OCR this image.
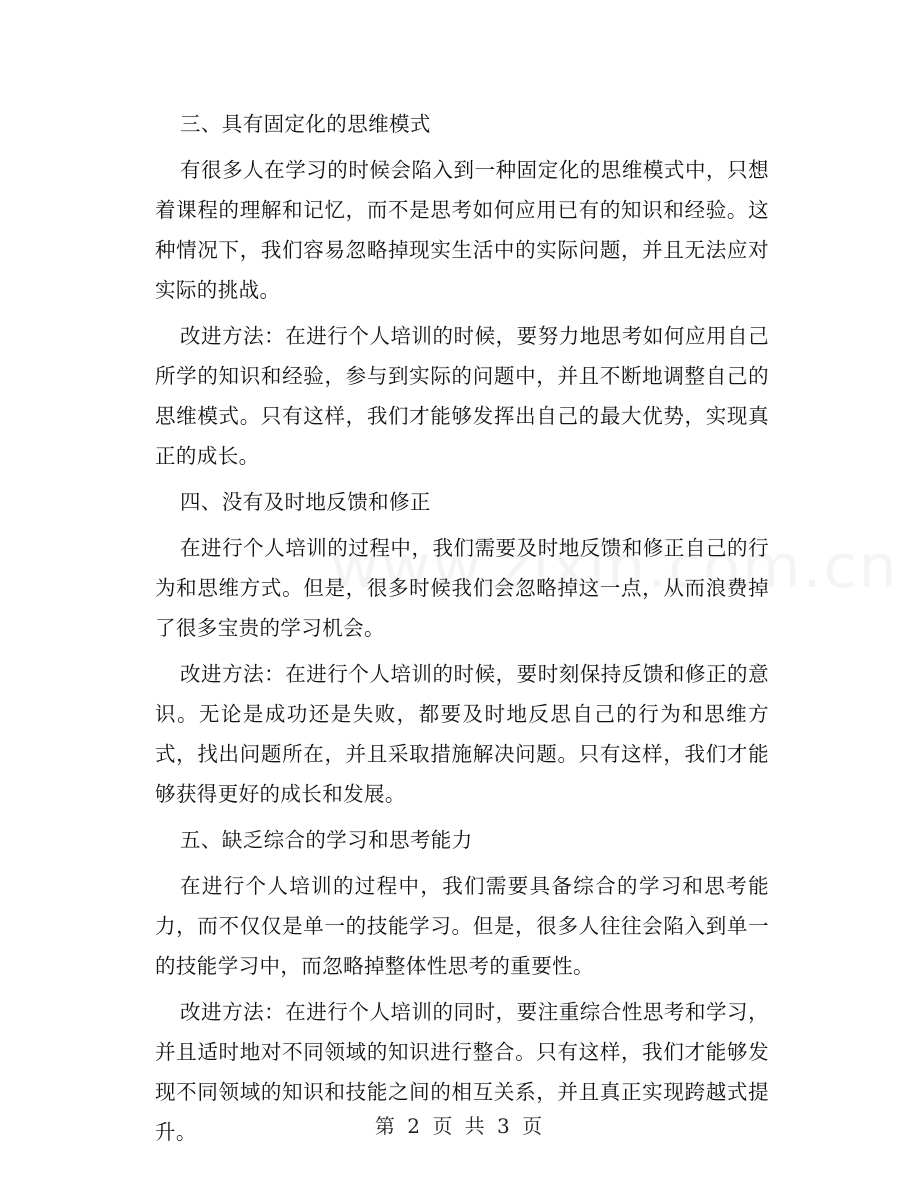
三、具有固定化的思维模式

有很多人在学习的时候会陷入到一种固定化的思维模式中，只想着课程的理解和记忆，而不是思考如何应用已有的知识和经验。这种情况下，我们容易忽略掉现实生活中的实际问题，并且无法应对实际的挑战。

改进方法：在进行个人培训的时候，要努力地思考如何应用自己所学的知识和经验，参与到实际的问题中，并且不断地调整自己的思维模式。只有这样，我们才能够发挥出自己的最大优势，实现真正的成长。

四、没有及时地反馈和修正

在进行个人培训的过程中，我们需要及时地反馈和修正自己的行为和思维方式。但是，很多时候我们会忽略掉这一点，从而浪费掉了很多宝贵的学习机会。

改进方法：在进行个人培训的时候，要时刻保持反馈和修正的意识。无论是成功还是失败，都要及时地反思自己的行为和思维方式，找出问题所在，并且采取措施解决问题。只有这样，我们才能够获得更好的成长和发展。

五、缺乏综合的学习和思考能力

在进行个人培训的过程中，我们需要具备综合的学习和思考能力，而不仅仅是单一的技能学习。但是，很多人往往会陷入到单一的技能学习中，而忽略掉整体性思考的重要性。

改进方法：在进行个人培训的同时，要注重综合性思考和学习，并且适时地对不同领域的知识进行整合。只有这样，我们才能够发现不同领域的知识和技能之间的相互关系，并且真正实现跨越式提升。	第 2 页 共 3 页
